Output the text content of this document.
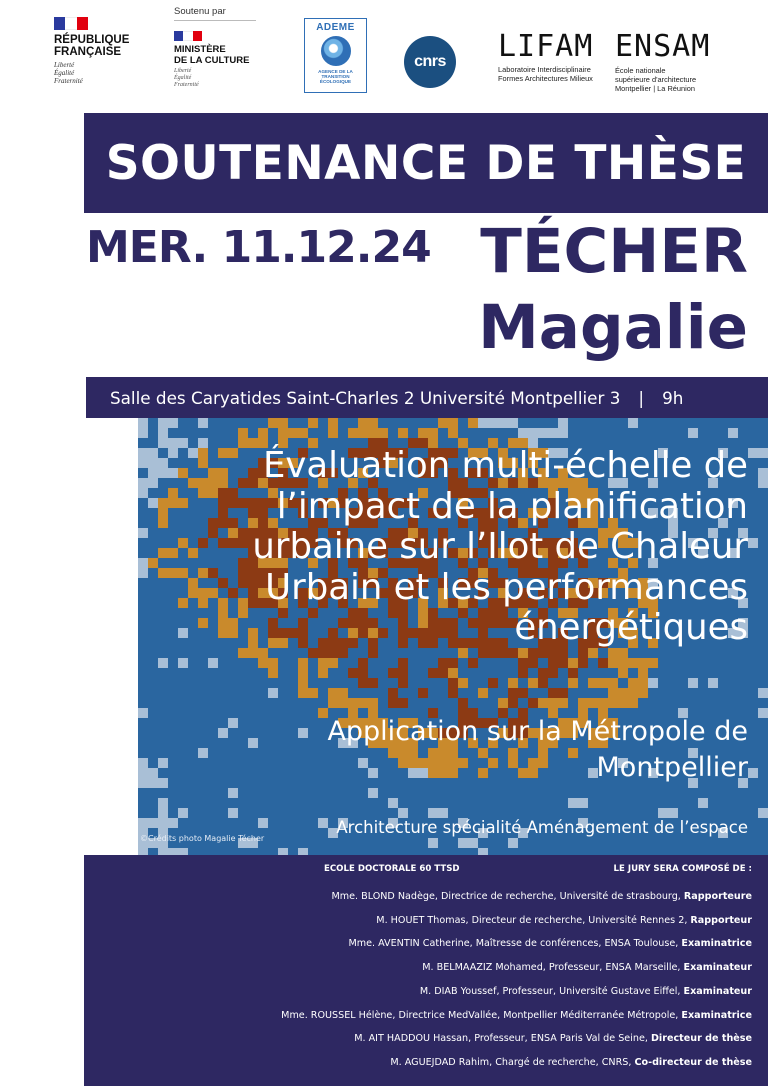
RÉPUBLIQUE
FRANÇAISE
Liberté
Égalité
Fraternité
Soutenu par
MINISTÈRE
DE LA CULTURE
Liberté
Égalité
Fraternité
ADEME
AGENCE DE LA
TRANSITION
ÉCOLOGIQUE
cnrs LIFAM
Laboratoire Interdisciplinaire
Formes Architectures Milieux
ENSAM
École nationale
supérieure d'architecture
Montpellier | La Réunion
SOUTENANCE DE THÈSE
MER. 11.12.24 TÉCHER
Magalie
Salle des Caryatides Saint-Charles 2 Université Montpellier 3 | 9h
Évaluation multi-échelle de l’impact de la planification urbaine sur l’Ilot de Chaleur Urbain et les performances énergétiques
Application sur la Métropole de Montpellier
Architecture spécialité Aménagement de l’espace
©Crédits photo Magalie Técher
ECOLE DOCTORALE 60 TTSD	LE JURY SERA COMPOSÉ DE :
Mme. BLOND Nadège, Directrice de recherche, Université de strasbourg, Rapporteure
M. HOUET Thomas, Directeur de recherche, Université Rennes 2, Rapporteur
Mme. AVENTIN Catherine, Maîtresse de conférences, ENSA Toulouse, Examinatrice
M. BELMAAZIZ Mohamed, Professeur, ENSA Marseille, Examinateur
M. DIAB Youssef, Professeur, Université Gustave Eiffel, Examinateur
Mme. ROUSSEL Hélène, Directrice MedVallée, Montpellier Méditerranée Métropole, Examinatrice
M. AIT HADDOU Hassan, Professeur, ENSA Paris Val de Seine, Directeur de thèse
M. AGUEJDAD Rahim, Chargé de recherche, CNRS, Co-directeur de thèse
